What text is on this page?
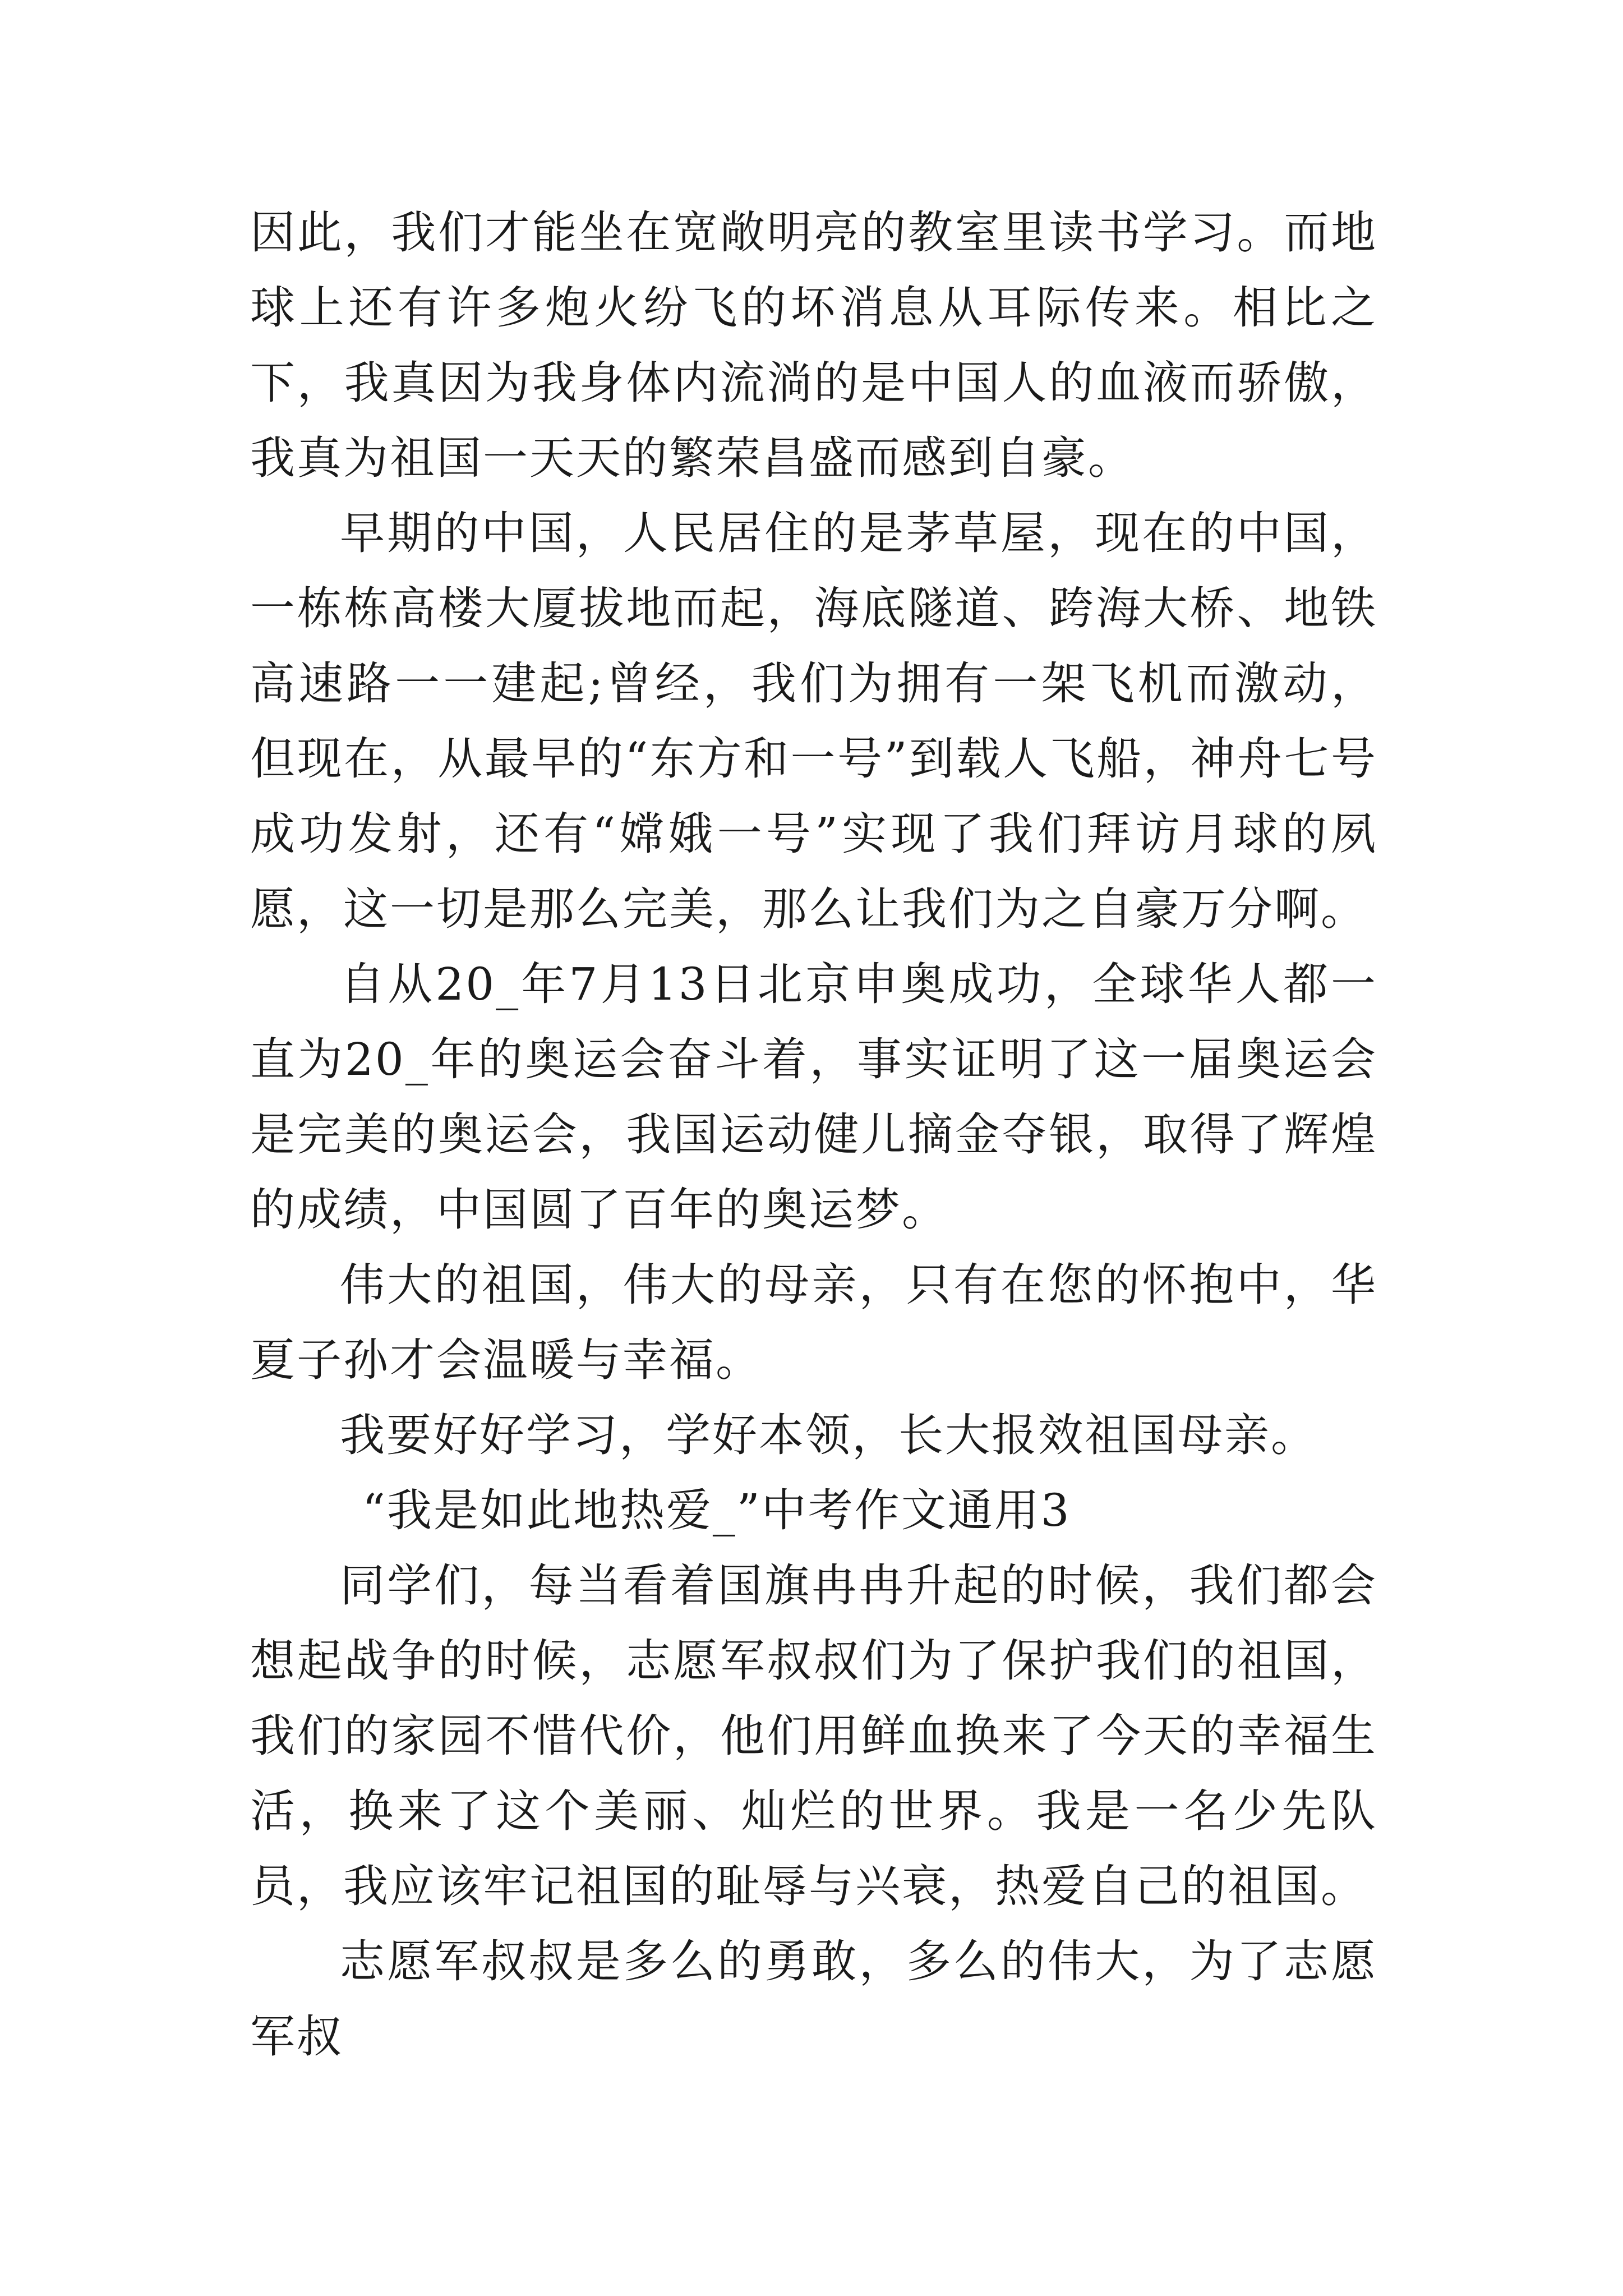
因此，我们才能坐在宽敞明亮的教室里读书学习。而地球上还有许多炮火纷飞的坏消息从耳际传来。相比之下，我真因为我身体内流淌的是中国人的血液而骄傲，我真为祖国一天天的繁荣昌盛而感到自豪。

早期的中国，人民居住的是茅草屋，现在的中国，一栋栋高楼大厦拔地而起，海底隧道、跨海大桥、地铁高速路一一建起;曾经，我们为拥有一架飞机而激动，但现在，从最早的“东方和一号”到载人飞船，神舟七号成功发射，还有“嫦娥一号”实现了我们拜访月球的夙愿，这一切是那么完美，那么让我们为之自豪万分啊。

自从20_年7月13日北京申奥成功，全球华人都一直为20_年的奥运会奋斗着，事实证明了这一届奥运会是完美的奥运会，我国运动健儿摘金夺银，取得了辉煌的成绩，中国圆了百年的奥运梦。

伟大的祖国，伟大的母亲，只有在您的怀抱中，华夏子孙才会温暖与幸福。

我要好好学习，学好本领，长大报效祖国母亲。

“我是如此地热爱_”中考作文通用3

同学们，每当看着国旗冉冉升起的时候，我们都会想起战争的时候，志愿军叔叔们为了保护我们的祖国，我们的家园不惜代价，他们用鲜血换来了今天的幸福生活，换来了这个美丽、灿烂的世界。我是一名少先队员，我应该牢记祖国的耻辱与兴衰，热爱自己的祖国。

志愿军叔叔是多么的勇敢，多么的伟大，为了志愿军叔
